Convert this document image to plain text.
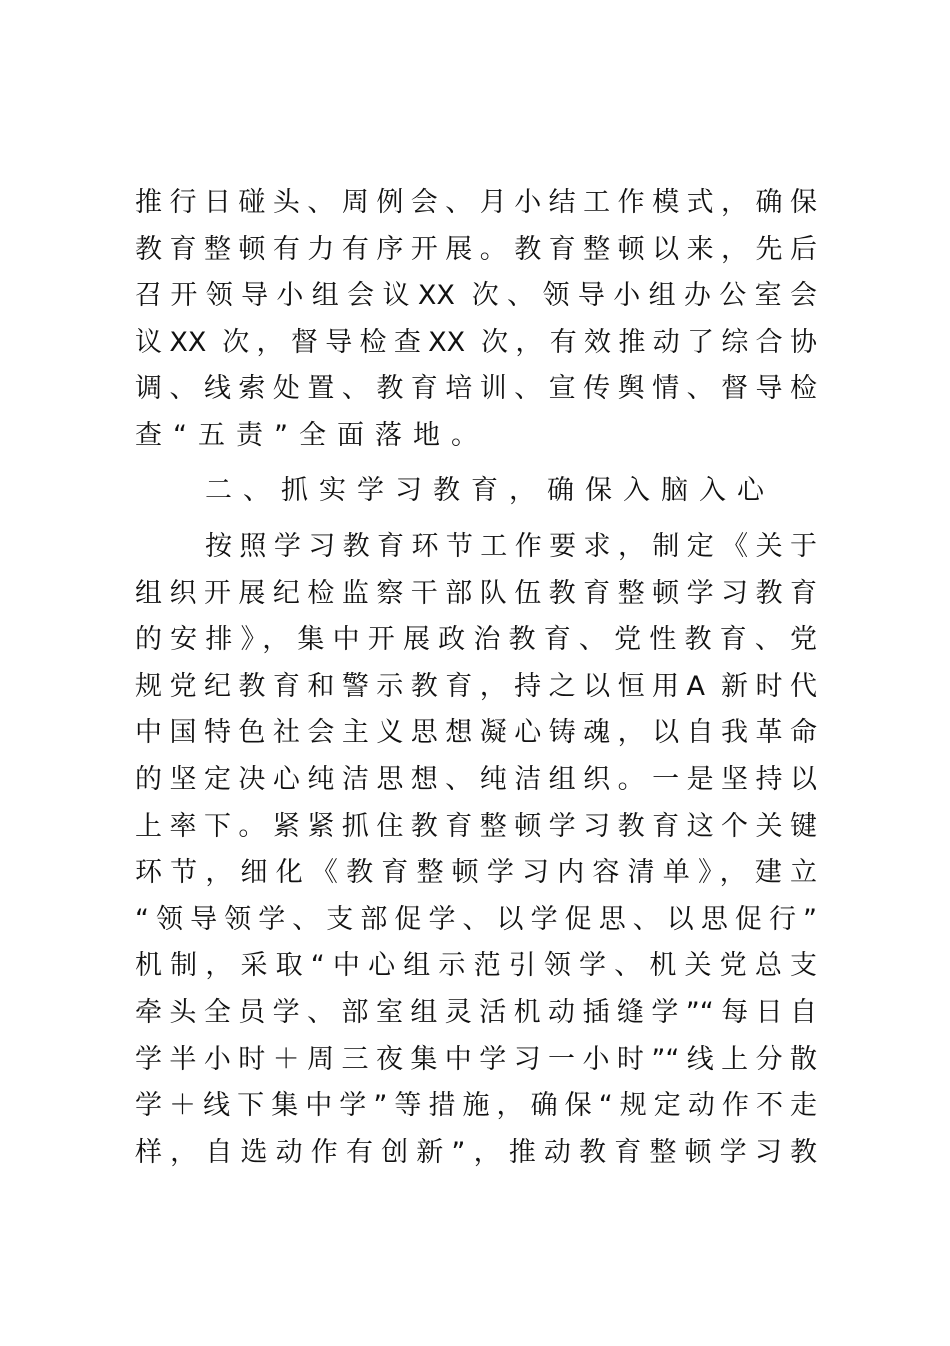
推行日碰头、周例会、月小结工作模式，确保
教育整顿有力有序开展。教育整顿以来，先后
召开领导小组会议XX 次、领导小组办公室会
议XX 次，督导检查XX 次，有效推动了综合协
调、线索处置、教育培训、宣传舆情、督导检
查“五责”全面落地。
二、抓实学习教育，确保入脑入心
按照学习教育环节工作要求，制定《关于
组织开展纪检监察干部队伍教育整顿学习教育
的安排》，集中开展政治教育、党性教育、党
规党纪教育和警示教育，持之以恒用A 新时代
中国特色社会主义思想凝心铸魂，以自我革命
的坚定决心纯洁思想、纯洁组织。一是坚持以
上率下。紧紧抓住教育整顿学习教育这个关键
环节，细化《教育整顿学习内容清单》，建立
“领导领学、支部促学、以学促思、以思促行”
机制，采取“中心组示范引领学、机关党总支
牵头全员学、部室组灵活机动插缝学”“每日自
学半小时＋周三夜集中学习一小时”“线上分散
学＋线下集中学”等措施，确保“规定动作不走
样，自选动作有创新”，推动教育整顿学习教
